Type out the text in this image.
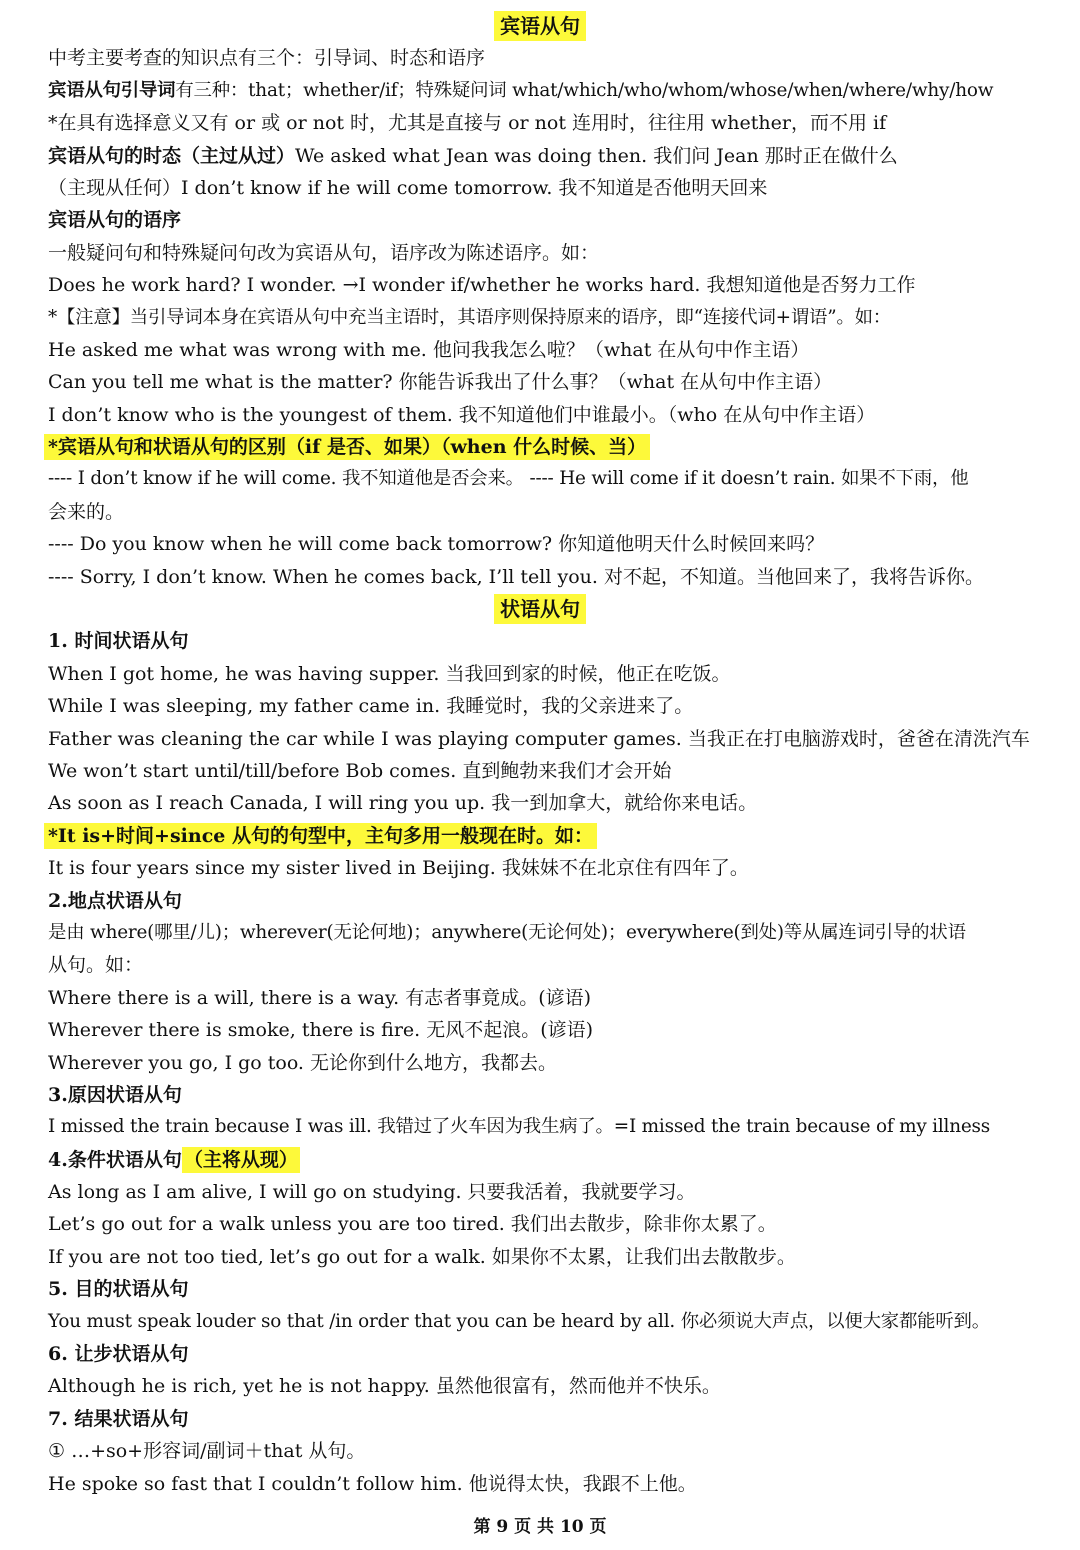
宾语从句
中考主要考查的知识点有三个：引导词、时态和语序
宾语从句引导词有三种：that；whether/if；特殊疑问词 what/which/who/whom/whose/when/where/why/how
*在具有选择意义又有 or 或 or not 时，尤其是直接与 or not 连用时，往往用 whether，而不用 if
宾语从句的时态（主过从过）We asked what Jean was doing then. 我们问 Jean 那时正在做什么
（主现从任何）I don’t know if he will come tomorrow. 我不知道是否他明天回来
宾语从句的语序
一般疑问句和特殊疑问句改为宾语从句，语序改为陈述语序。如：
Does he work hard? I wonder. →I wonder if/whether he works hard. 我想知道他是否努力工作
*【注意】当引导词本身在宾语从句中充当主语时，其语序则保持原来的语序，即“连接代词+谓语”。如：
He asked me what was wrong with me. 他问我我怎么啦？（what 在从句中作主语）
Can you tell me what is the matter? 你能告诉我出了什么事？（what 在从句中作主语）
I don’t know who is the youngest of them. 我不知道他们中谁最小。（who 在从句中作主语）
*宾语从句和状语从句的区别（if 是否、如果）（when 什么时候、当）
---- I don’t know if he will come. 我不知道他是否会来。 ---- He will come if it doesn’t rain. 如果不下雨，他
会来的。
---- Do you know when he will come back tomorrow? 你知道他明天什么时候回来吗？
---- Sorry, I don’t know. When he comes back, I’ll tell you. 对不起，不知道。当他回来了，我将告诉你。
状语从句
1. 时间状语从句
When I got home, he was having supper. 当我回到家的时候，他正在吃饭。
While I was sleeping, my father came in. 我睡觉时，我的父亲进来了。
Father was cleaning the car while I was playing computer games. 当我正在打电脑游戏时，爸爸在清洗汽车
We won’t start until/till/before Bob comes. 直到鲍勃来我们才会开始
As soon as I reach Canada, I will ring you up. 我一到加拿大，就给你来电话。
*It is+时间+since 从句的句型中，主句多用一般现在时。如：
It is four years since my sister lived in Beijing. 我妹妹不在北京住有四年了。
2.地点状语从句
是由 where(哪里/儿)；wherever(无论何地)；anywhere(无论何处)；everywhere(到处)等从属连词引导的状语
从句。如：
Where there is a will, there is a way. 有志者事竟成。(谚语)
Wherever there is smoke, there is fire. 无风不起浪。(谚语)
Wherever you go, I go too. 无论你到什么地方，我都去。
3.原因状语从句
I missed the train because I was ill. 我错过了火车因为我生病了。=I missed the train because of my illness
4.条件状语从句 （主将从现）
As long as I am alive, I will go on studying. 只要我活着，我就要学习。
Let’s go out for a walk unless you are too tired. 我们出去散步，除非你太累了。
If you are not too tied, let’s go out for a walk. 如果你不太累，让我们出去散散步。
5. 目的状语从句
You must speak louder so that /in order that you can be heard by all. 你必须说大声点，以便大家都能听到。
6. 让步状语从句
Although he is rich, yet he is not happy. 虽然他很富有，然而他并不快乐。
7. 结果状语从句
① …+so+形容词/副词＋that 从句。
He spoke so fast that I couldn’t follow him. 他说得太快，我跟不上他。
第 9 页 共 10 页
